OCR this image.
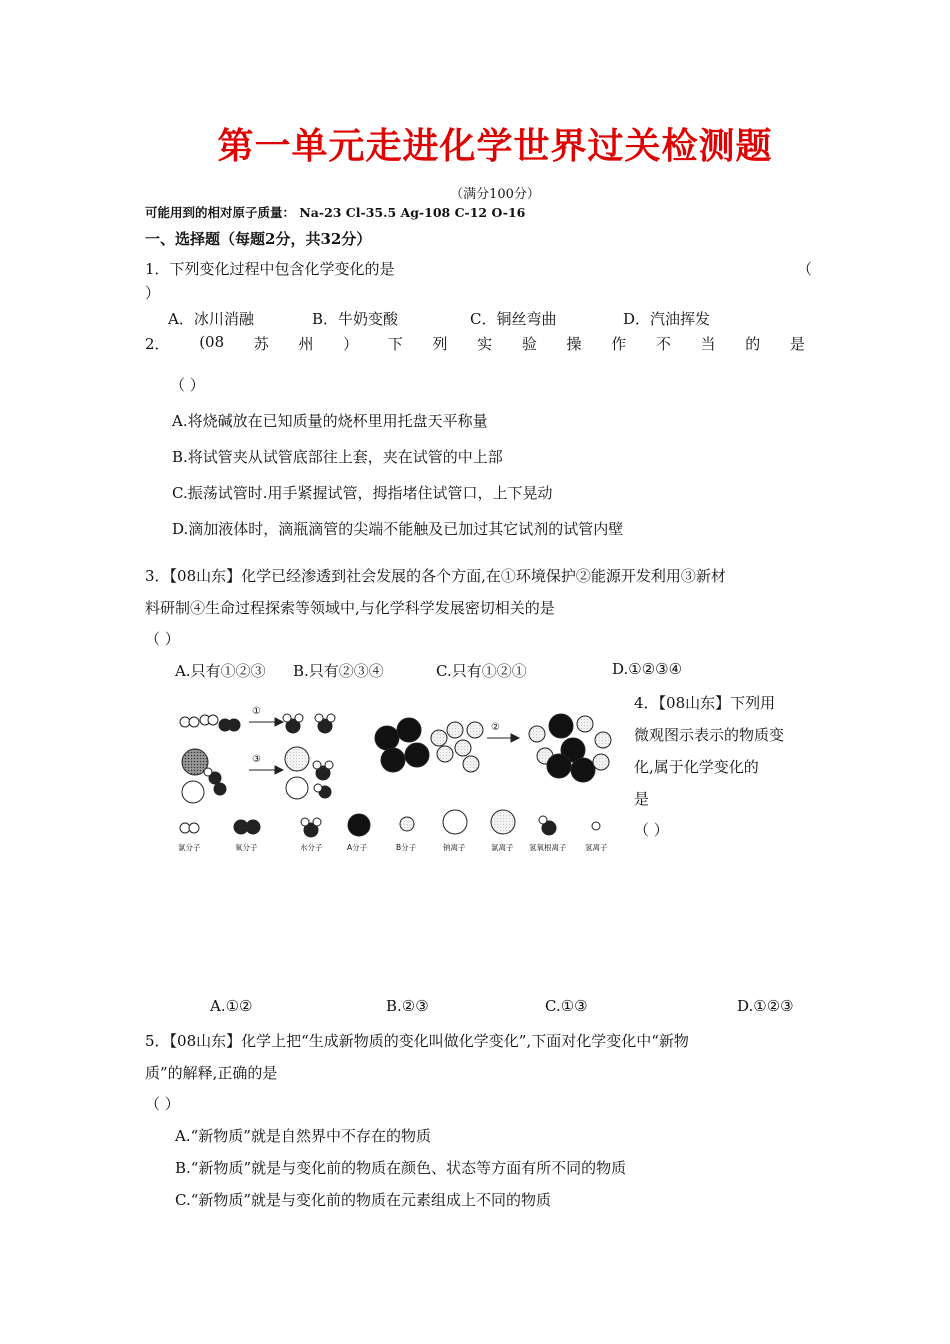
第一单元走进化学世界过关检测题
（满分100分）
可能用到的相对原子质量： Na-23 Cl-35.5 Ag-108 C-12 O-16
一、选择题（每题2分，共32分）
1．下列变化过程中包含化学变化的是	（
）
A．冰川消融	B．牛奶变酸	C．铜丝弯曲	D．汽油挥发
2． (08 苏 州 ） 下 列 实 验 操 作 不 当 的 是
（ ）
A.将烧碱放在已知质量的烧杯里用托盘天平称量
B.将试管夹从试管底部往上套，夹在试管的中上部
C.振荡试管时.用手紧握试管，拇指堵住试管口，上下晃动
D.滴加液体时，滴瓶滴管的尖端不能触及已加过其它试剂的试管内壁
3．【08山东】化学已经渗透到社会发展的各个方面,在①环境保护②能源开发利用③新材
料研制④生命过程探索等领域中,与化学科学发展密切相关的是
（ ）
A.只有①②③ B.只有②③④	C.只有①②①	D.①②③④
4．【08山东】下列用
微观图示表示的物质变
化,属于化学变化的
是
（ ）
①
③
②
氯分子	氧分子	水分子	A分子	B分子	钠离子	氯离子 氢氧根离子 氢离子
A.①②	B.②③	C.①③	D.①②③
5．【08山东】化学上把“生成新物质的变化叫做化学变化”,下面对化学变化中“新物
质”的解释,正确的是
（ ）
A.“新物质”就是自然界中不存在的物质
B.“新物质”就是与变化前的物质在颜色、状态等方面有所不同的物质
C.“新物质”就是与变化前的物质在元素组成上不同的物质
